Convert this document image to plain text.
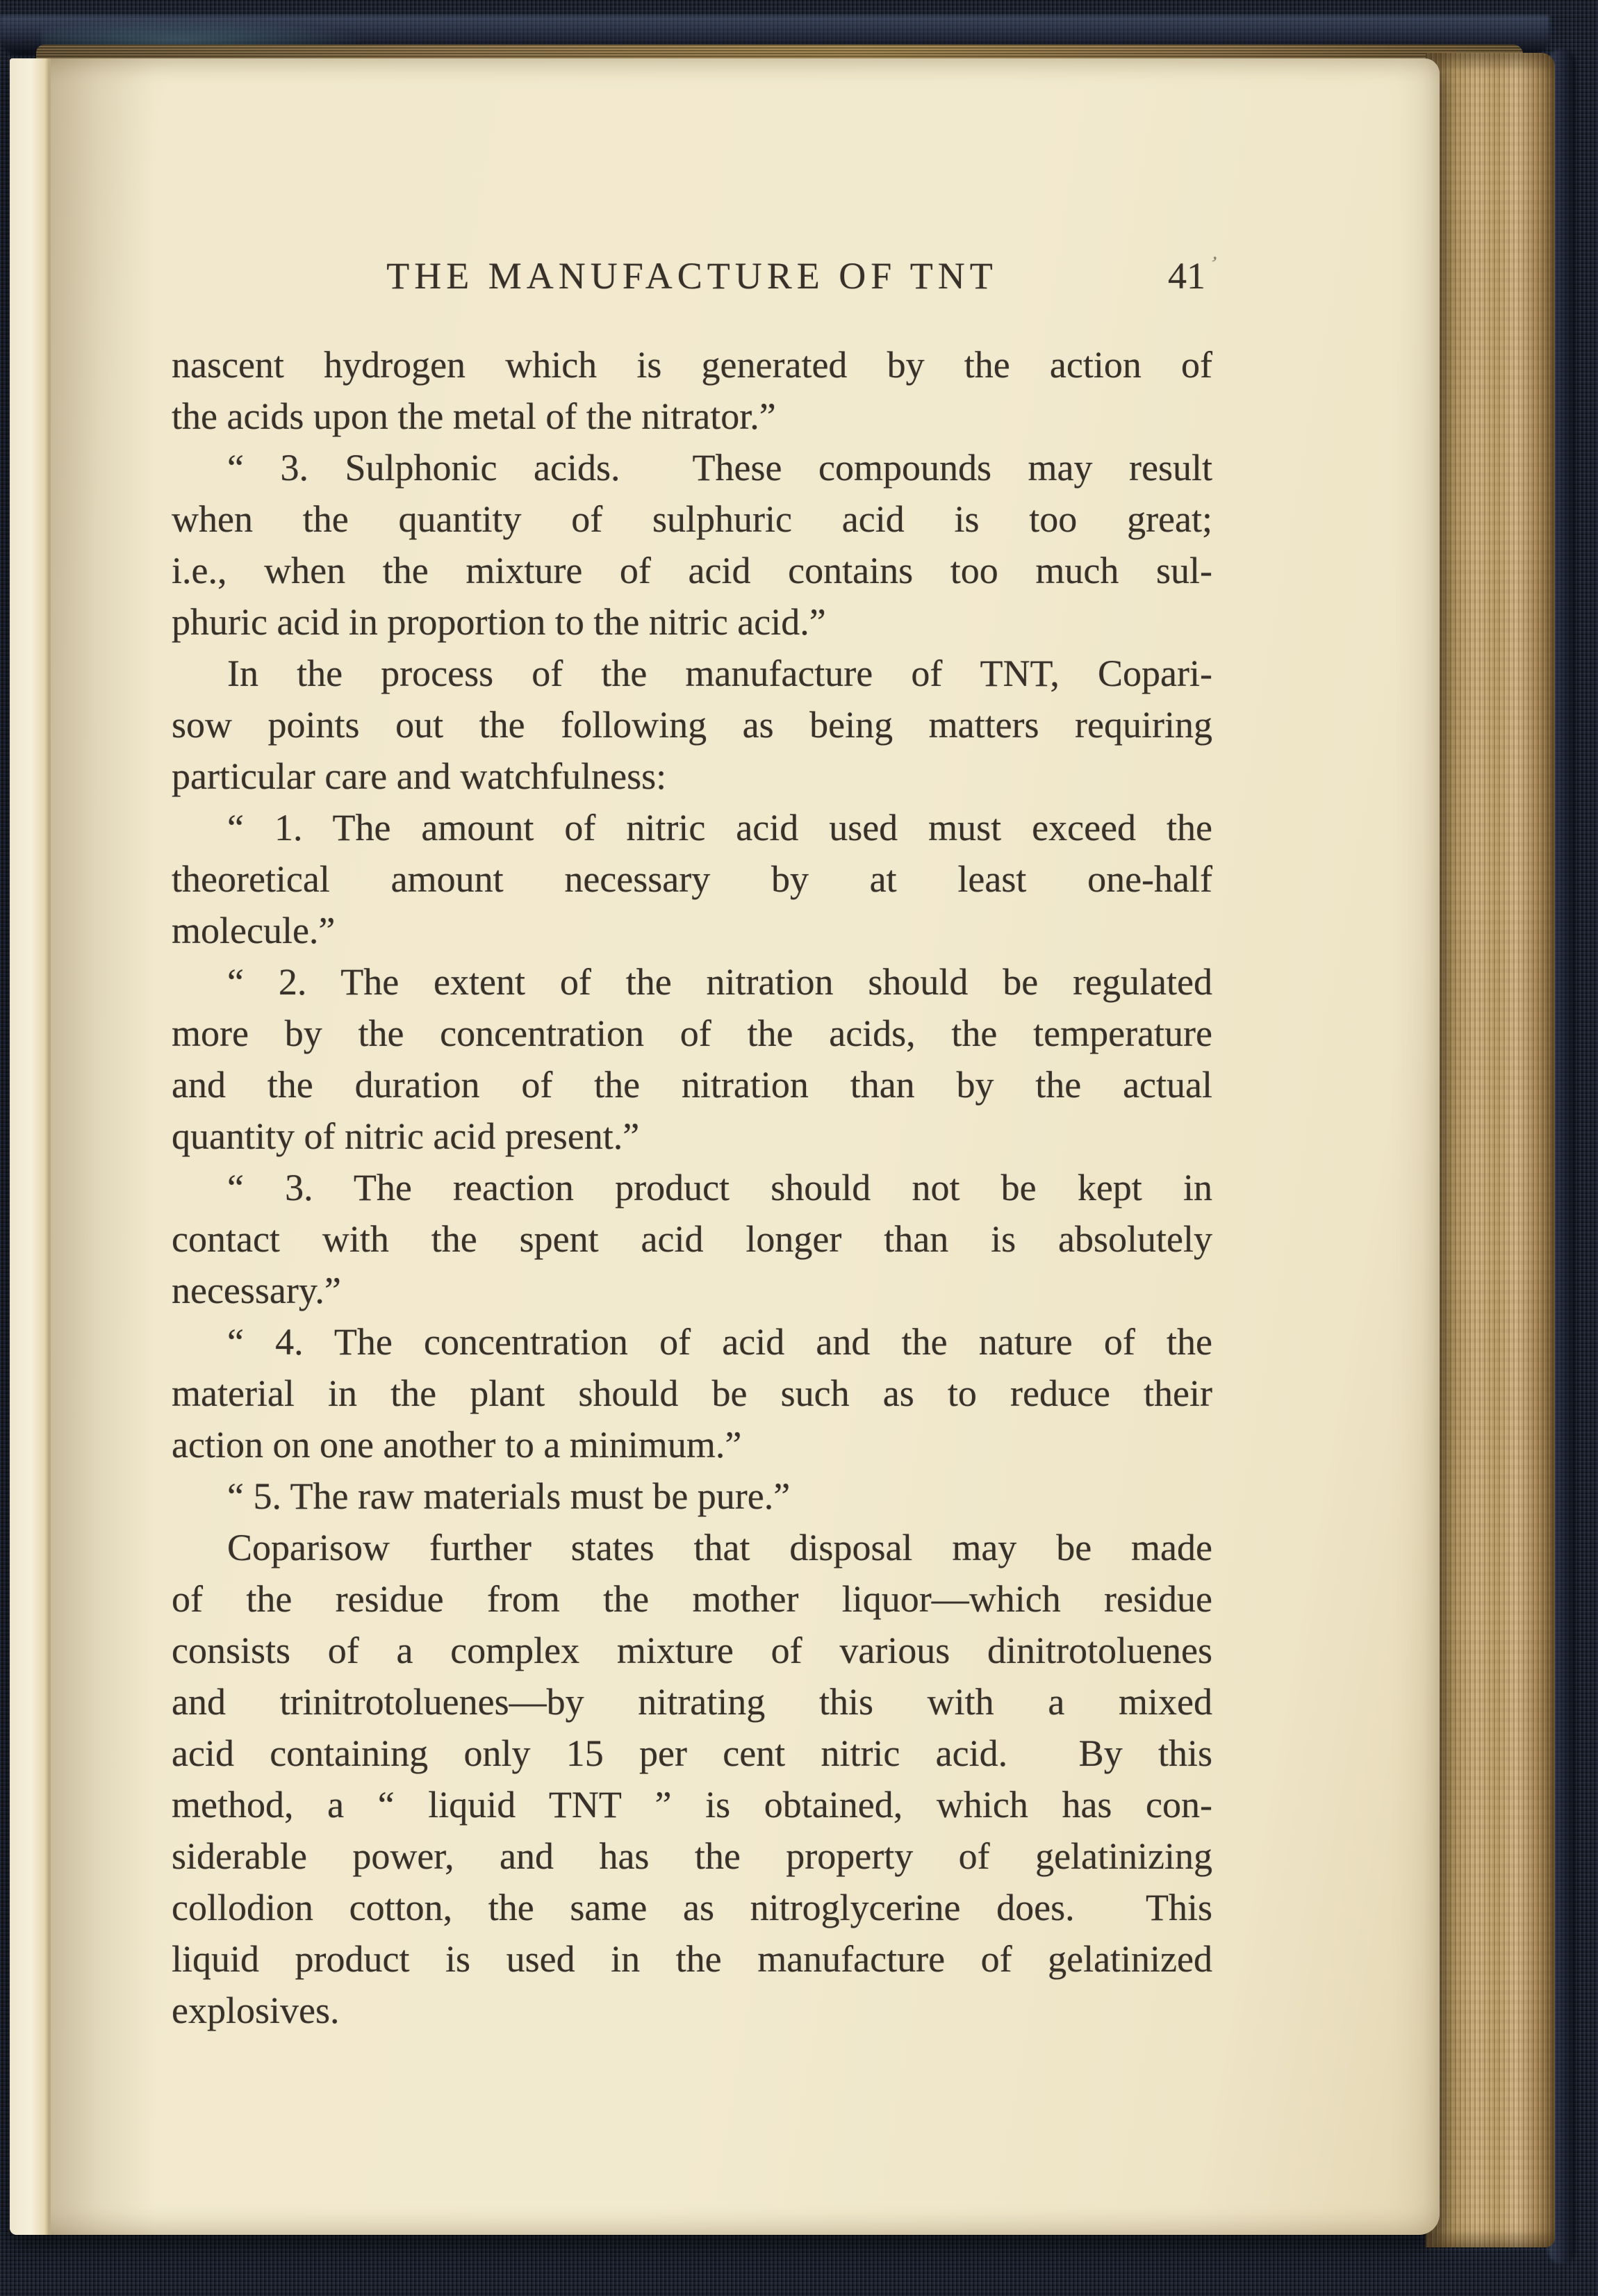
THE MANUFACTURE OF TNT	41ʼ
nascent hydrogen which is generated by the action of
the acids upon the metal of the nitrator.”
“ 3. Sulphonic acids.  These compounds may result
when the quantity of sulphuric acid is too great;
i.e., when the mixture of acid contains too much sul-
phuric acid in proportion to the nitric acid.”
In the process of the manufacture of TNT, Copari-
sow points out the following as being matters requiring
particular care and watchfulness:
“ 1. The amount of nitric acid used must exceed the
theoretical amount necessary by at least one-half
molecule.”
“ 2. The extent of the nitration should be regulated
more by the concentration of the acids, the temperature
and the duration of the nitration than by the actual
quantity of nitric acid present.”
“ 3. The reaction product should not be kept in
contact with the spent acid longer than is absolutely
necessary.”
“ 4. The concentration of acid and the nature of the
material in the plant should be such as to reduce their
action on one another to a minimum.”
“ 5. The raw materials must be pure.”
Coparisow further states that disposal may be made
of the residue from the mother liquor—which residue
consists of a complex mixture of various dinitrotoluenes
and trinitrotoluenes—by nitrating this with a mixed
acid containing only 15 per cent nitric acid.  By this
method, a “ liquid TNT ” is obtained, which has con-
siderable power, and has the property of gelatinizing
collodion cotton, the same as nitroglycerine does.  This
liquid product is used in the manufacture of gelatinized
explosives.
